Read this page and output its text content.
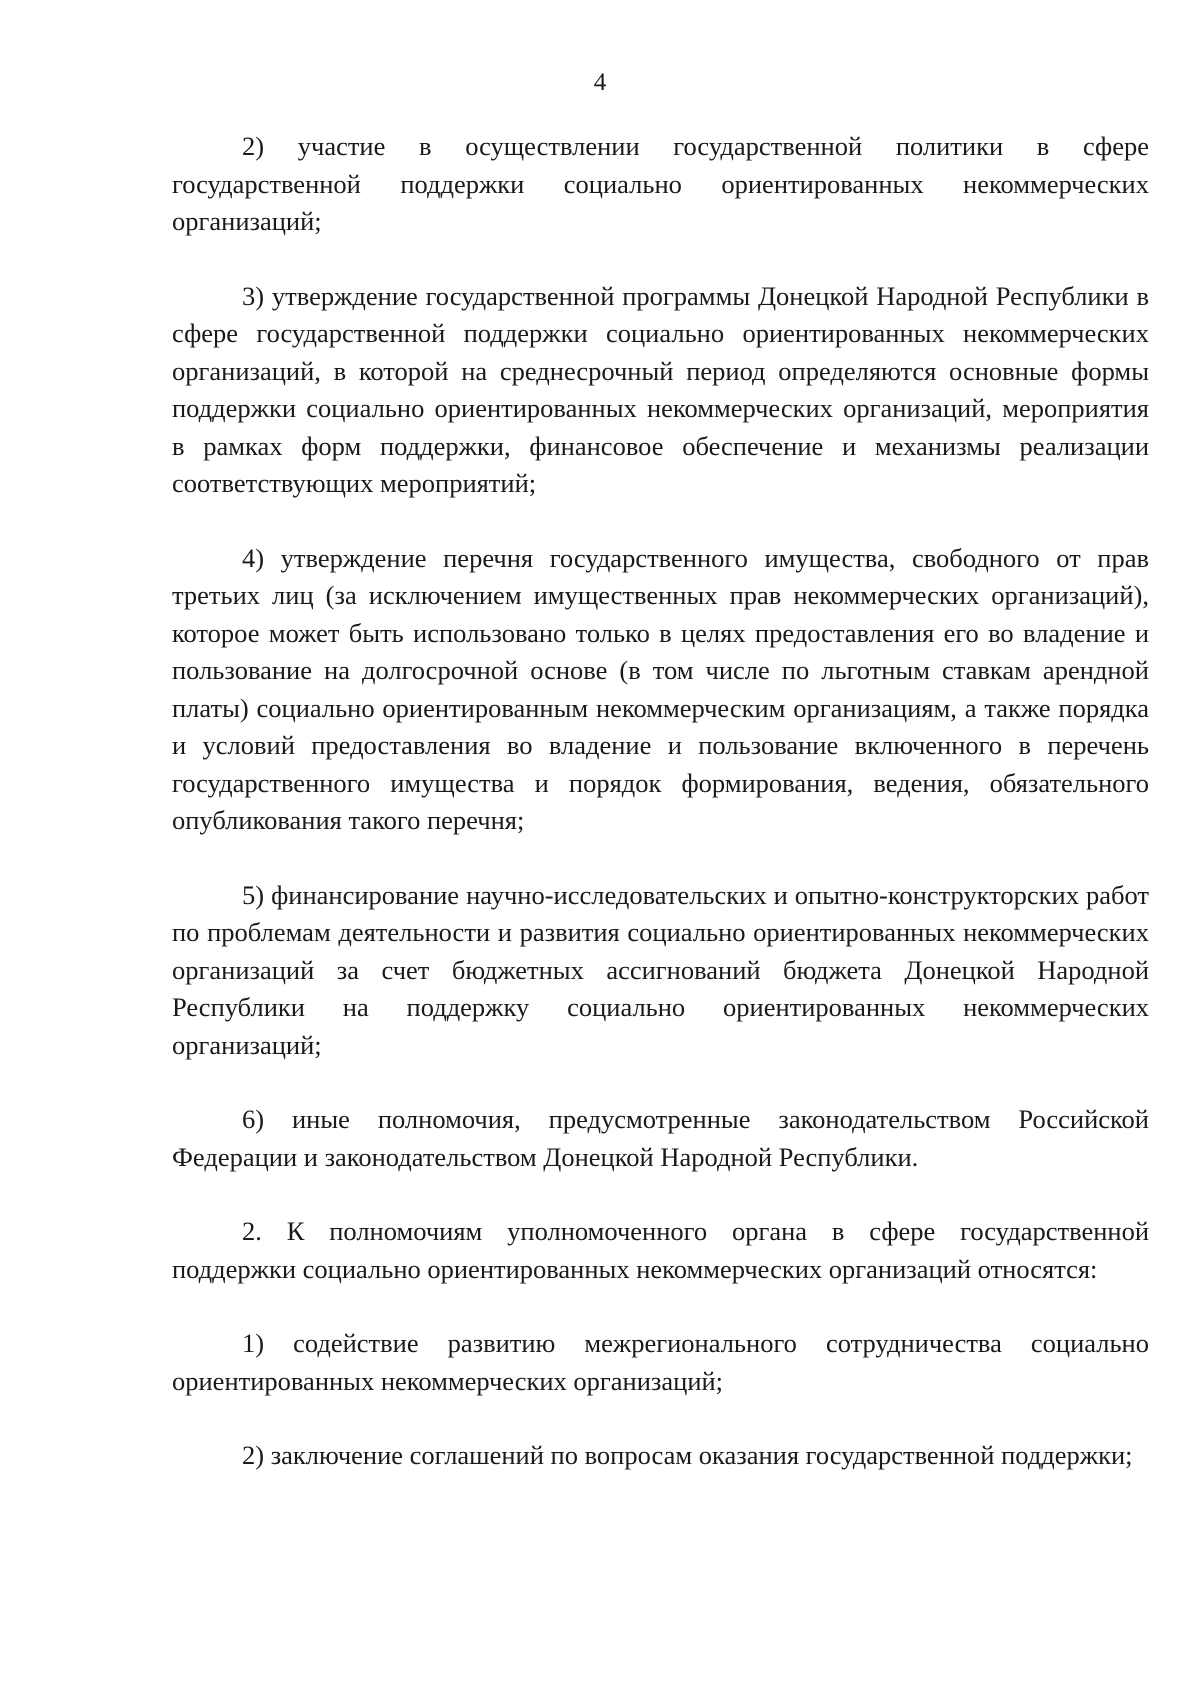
4

2) участие в осуществлении государственной политики в сфере государственной поддержки социально ориентированных некоммерческих организаций;

3) утверждение государственной программы Донецкой Народной Республики в сфере государственной поддержки социально ориентированных некоммерческих организаций, в которой на среднесрочный период определяются основные формы поддержки социально ориентированных некоммерческих организаций, мероприятия в рамках форм поддержки, финансовое обеспечение и механизмы реализации соответствующих мероприятий;

4) утверждение перечня государственного имущества, свободного от прав третьих лиц (за исключением имущественных прав некоммерческих организаций), которое может быть использовано только в целях предоставления его во владение и пользование на долгосрочной основе (в том числе по льготным ставкам арендной платы) социально ориентированным некоммерческим организациям, а также порядка и условий предоставления во владение и пользование включенного в перечень государственного имущества и порядок формирования, ведения, обязательного опубликования такого перечня;

5) финансирование научно-исследовательских и опытно-конструкторских работ по проблемам деятельности и развития социально ориентированных некоммерческих организаций за счет бюджетных ассигнований бюджета Донецкой Народной Республики на поддержку социально ориентированных некоммерческих организаций;

6) иные полномочия, предусмотренные законодательством Российской Федерации и законодательством Донецкой Народной Республики.

2. К полномочиям уполномоченного органа в сфере государственной поддержки социально ориентированных некоммерческих организаций относятся:

1) содействие развитию межрегионального сотрудничества социально ориентированных некоммерческих организаций;

2) заключение соглашений по вопросам оказания государственной поддержки;
